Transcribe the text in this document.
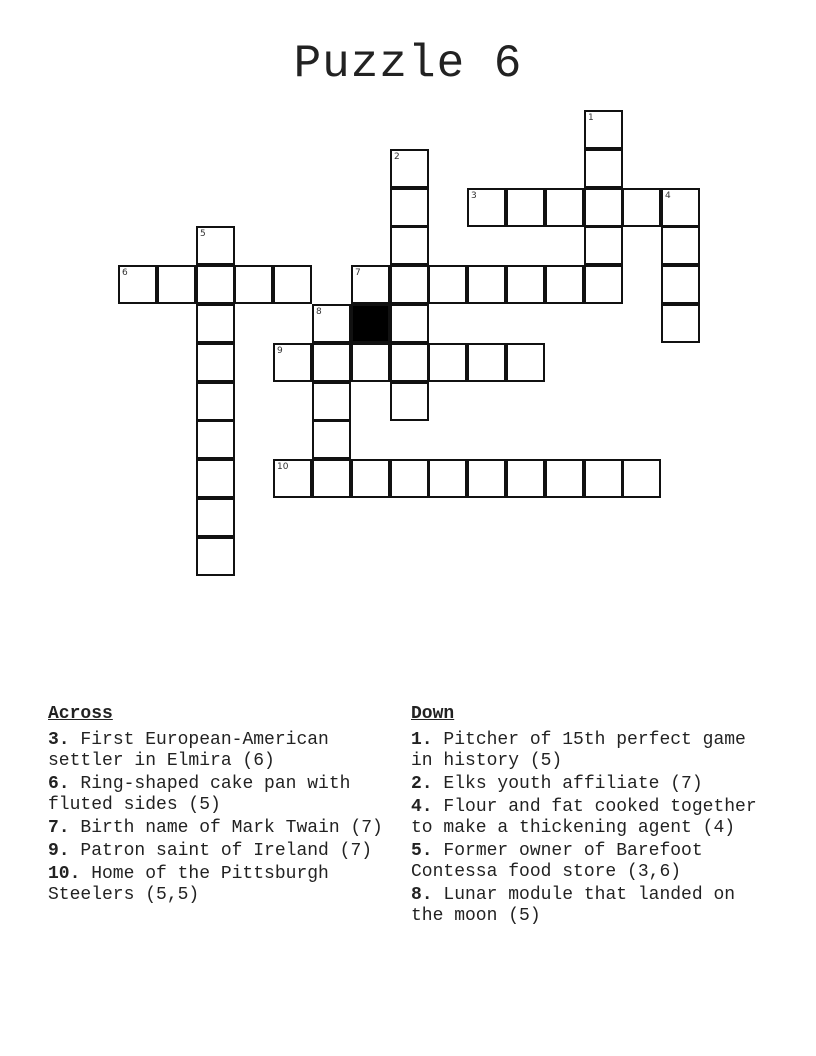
Puzzle 6
1
2
3	4
5
6	7
8
9
10
Across
3. First European-American settler in Elmira (6)
6. Ring-shaped cake pan with fluted sides (5)
7. Birth name of Mark Twain (7)
9. Patron saint of Ireland (7)
10. Home of the Pittsburgh Steelers (5,5)
Down
1. Pitcher of 15th perfect game in history (5)
2. Elks youth affiliate (7)
4. Flour and fat cooked together to make a thickening agent (4)
5. Former owner of Barefoot Contessa food store (3,6)
8. Lunar module that landed on the moon (5)
